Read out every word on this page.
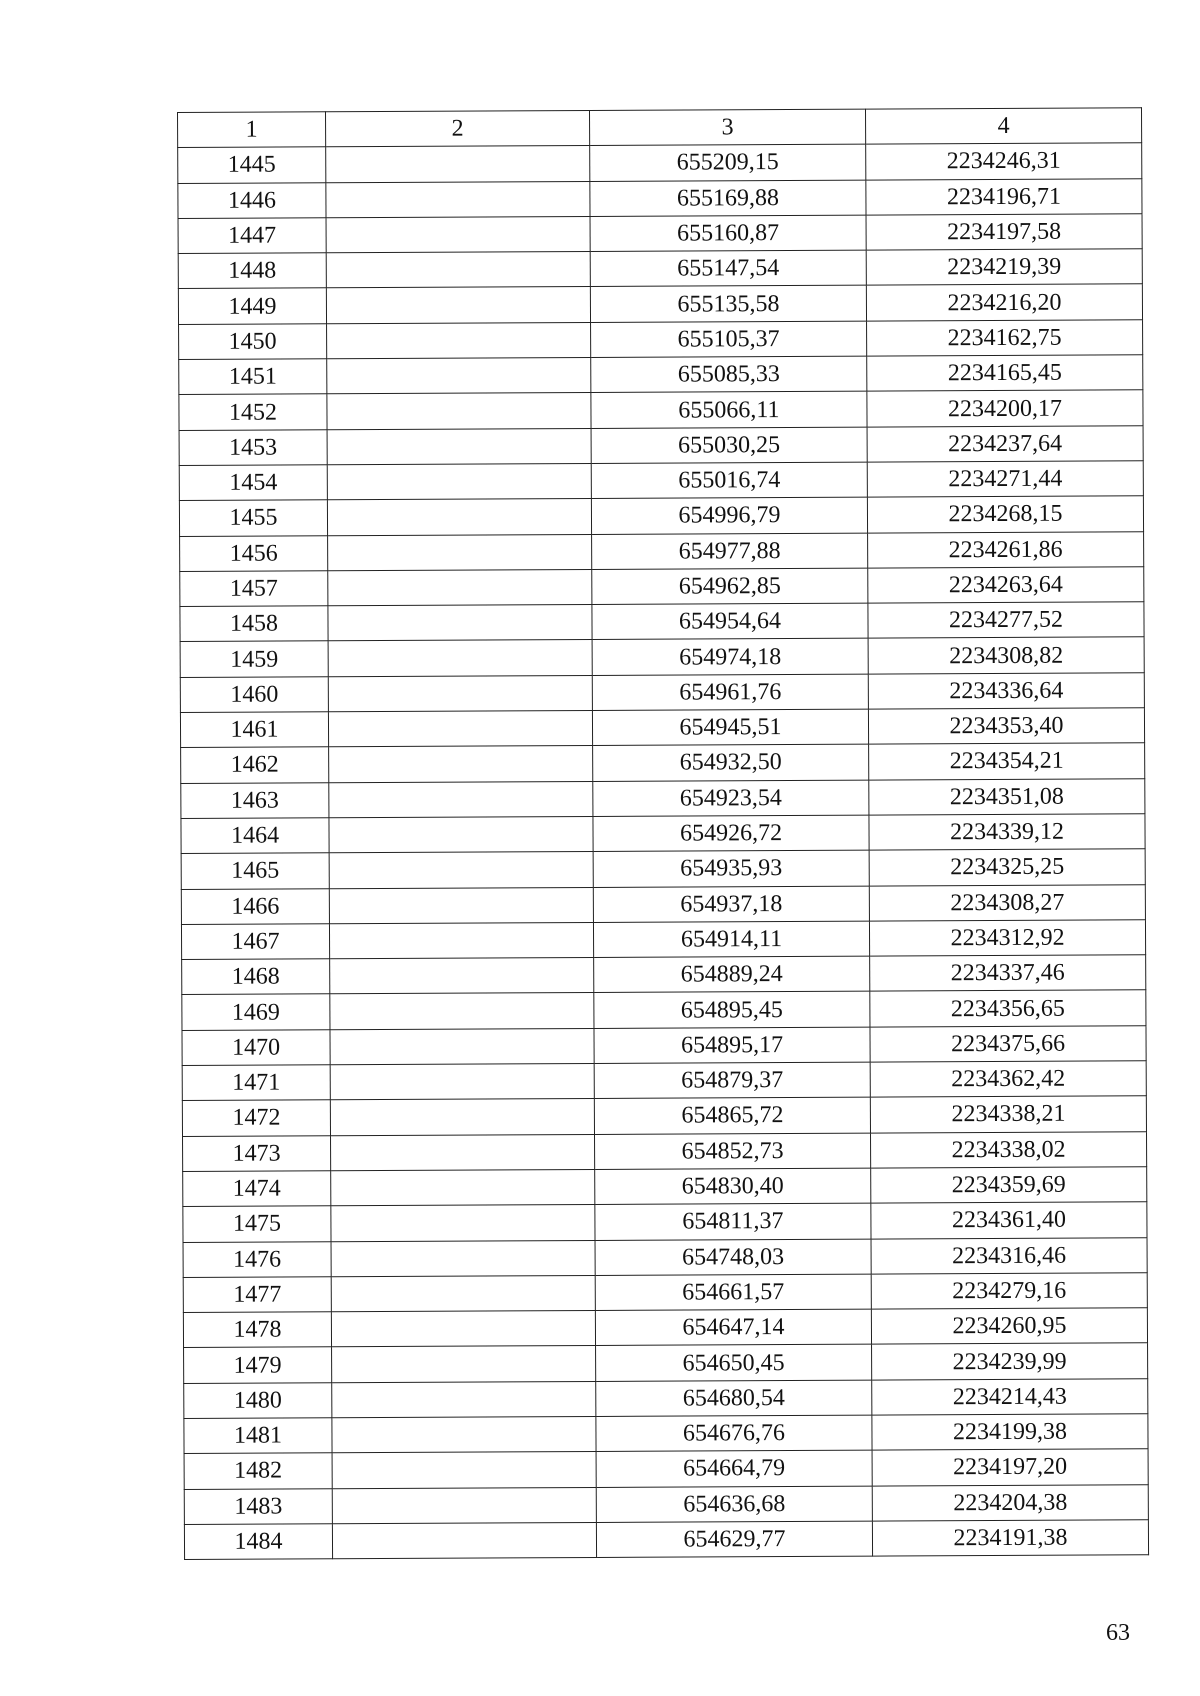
1	2	3	4
1445		655209,15	2234246,31
1446		655169,88	2234196,71
1447		655160,87	2234197,58
1448		655147,54	2234219,39
1449		655135,58	2234216,20
1450		655105,37	2234162,75
1451		655085,33	2234165,45
1452		655066,11	2234200,17
1453		655030,25	2234237,64
1454		655016,74	2234271,44
1455		654996,79	2234268,15
1456		654977,88	2234261,86
1457		654962,85	2234263,64
1458		654954,64	2234277,52
1459		654974,18	2234308,82
1460		654961,76	2234336,64
1461		654945,51	2234353,40
1462		654932,50	2234354,21
1463		654923,54	2234351,08
1464		654926,72	2234339,12
1465		654935,93	2234325,25
1466		654937,18	2234308,27
1467		654914,11	2234312,92
1468		654889,24	2234337,46
1469		654895,45	2234356,65
1470		654895,17	2234375,66
1471		654879,37	2234362,42
1472		654865,72	2234338,21
1473		654852,73	2234338,02
1474		654830,40	2234359,69
1475		654811,37	2234361,40
1476		654748,03	2234316,46
1477		654661,57	2234279,16
1478		654647,14	2234260,95
1479		654650,45	2234239,99
1480		654680,54	2234214,43
1481		654676,76	2234199,38
1482		654664,79	2234197,20
1483		654636,68	2234204,38
1484		654629,77	2234191,38
63
